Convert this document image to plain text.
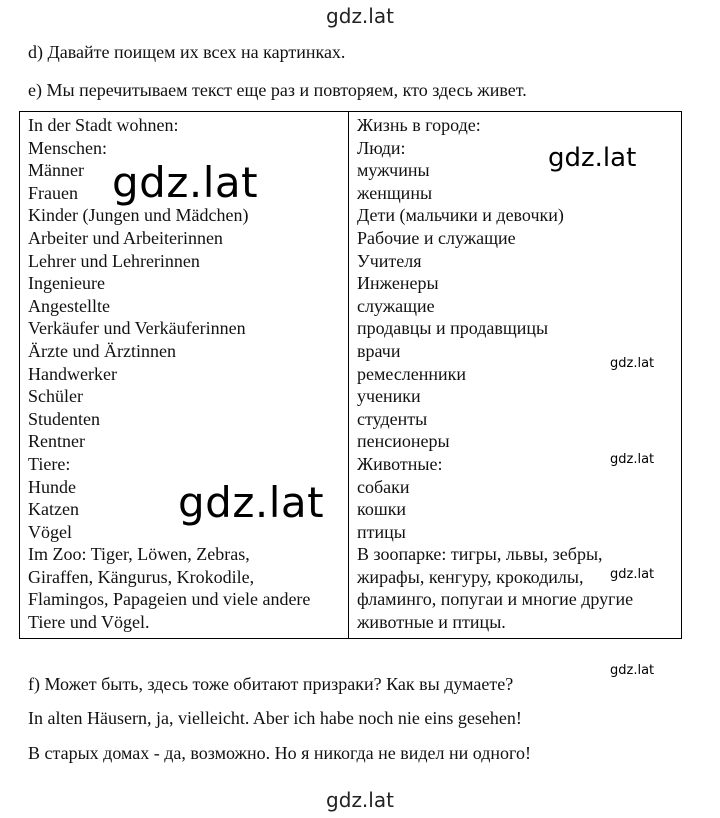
gdz.lat
d) Давайте поищем их всех на картинках.
e) Мы перечитываем текст еще раз и повторяем, кто здесь живет.
In der Stadt wohnen:
Menschen:
Männer
Frauen
Kinder (Jungen und Mädchen)
Arbeiter und Arbeiterinnen
Lehrer und Lehrerinnen
Ingenieure
Angestellte
Verkäufer und Verkäuferinnen
Ärzte und Ärztinnen
Handwerker
Schüler
Studenten
Rentner
Tiere:
Hunde
Katzen
Vögel
Im Zoo: Tiger, Löwen, Zebras,
Giraffen, Kängurus, Krokodile,
Flamingos, Papageien und viele andere
Tiere und Vögel.

Жизнь в городе:
Люди:
мужчины
женщины
Дети (мальчики и девочки)
Рабочие и служащие
Учителя
Инженеры
служащие
продавцы и продавщицы
врачи
ремесленники
ученики
студенты
пенсионеры
Животные:
собаки
кошки
птицы
В зоопарке: тигры, львы, зебры,
жирафы, кенгуру, крокодилы,
фламинго, попугаи и многие другие
животные и птицы.
gdz.lat
gdz.lat
gdz.lat
gdz.lat
gdz.lat
gdz.lat
gdz.lat
f) Может быть, здесь тоже обитают призраки? Как вы думаете?
In alten Häusern, ja, vielleicht. Aber ich habe noch nie eins gesehen!
В старых домах - да, возможно. Но я никогда не видел ни одного!
gdz.lat
